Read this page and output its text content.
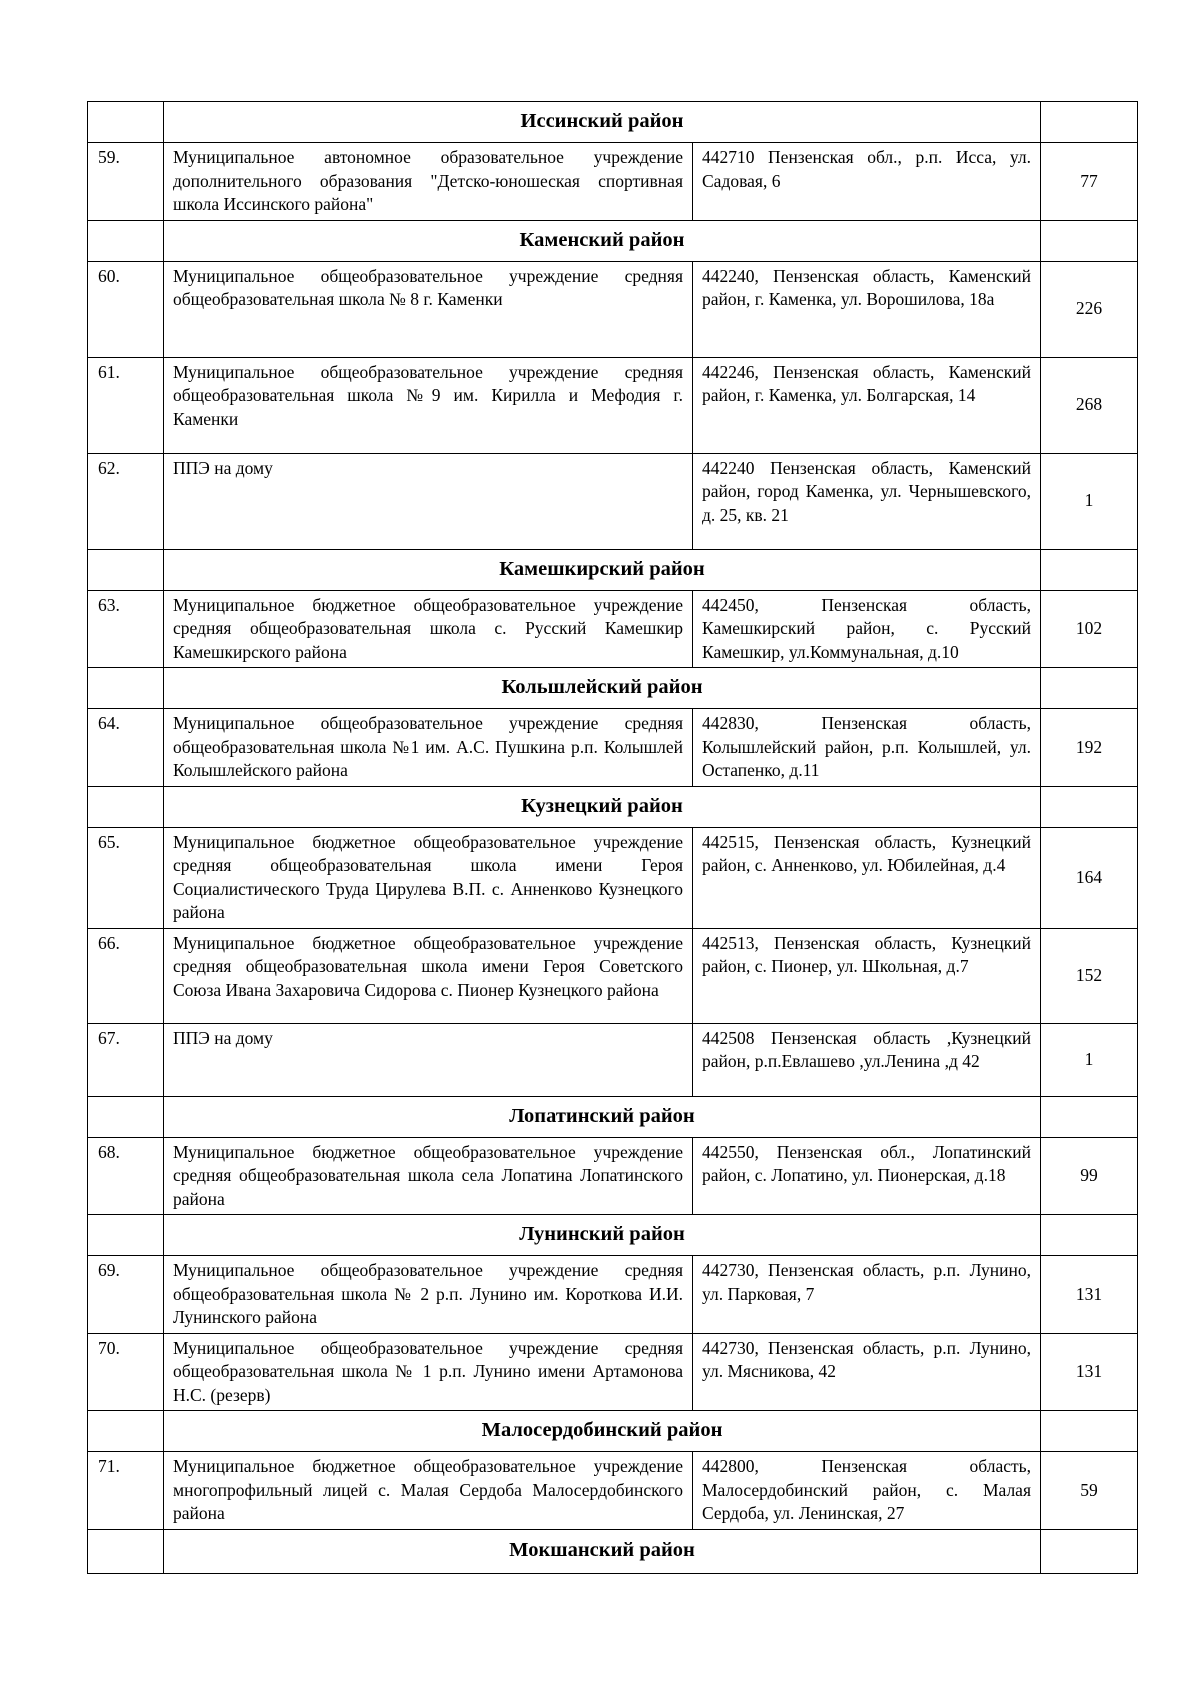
	Иссинский район		
59.	Муниципальное автономное образовательное учреждение дополнительного образования "Детско-юношеская спортивная школа Иссинского района"	442710 Пензенская обл., р.п. Исса, ул. Садовая, 6	77
	Каменский район		
60.	Муниципальное общеобразовательное учреждение средняя общеобразовательная школа № 8 г. Каменки	442240, Пензенская область, Каменский район, г. Каменка, ул. Ворошилова, 18а	226
61.	Муниципальное общеобразовательное учреждение средняя общеобразовательная школа №9 им. Кирилла и Мефодия г. Каменки	442246, Пензенская область, Каменский район, г. Каменка, ул. Болгарская, 14	268
62.	ППЭ на дому	442240 Пензенская область, Каменский район, город Каменка, ул. Чернышевского, д. 25, кв. 21	1
	Камешкирский район		
63.	Муниципальное бюджетное общеобразовательное учреждение средняя общеобразовательная школа с. Русский Камешкир Камешкирского района	442450, Пензенская область, Камешкирский район, с. Русский Камешкир, ул.Коммунальная, д.10	102
	Кольшлейский район		
64.	Муниципальное общеобразовательное учреждение средняя общеобразовательная школа №1 им. А.С. Пушкина р.п. Колышлей Колышлейского района	442830, Пензенская область, Колышлейский район, р.п. Колышлей, ул. Остапенко, д.11	192
	Кузнецкий район		
65.	Муниципальное бюджетное общеобразовательное учреждение средняя общеобразовательная школа имени Героя Социалистического Труда Цирулева В.П. с. Анненково Кузнецкого района	442515, Пензенская область, Кузнецкий район, с. Анненково, ул. Юбилейная, д.4	164
66.	Муниципальное бюджетное общеобразовательное учреждение средняя общеобразовательная школа имени Героя Советского Союза Ивана Захаровича Сидорова с. Пионер Кузнецкого района	442513, Пензенская область, Кузнецкий район, с. Пионер, ул. Школьная, д.7	152
67.	ППЭ на дому	442508 Пензенская область ,Кузнецкий район, р.п.Евлашево ,ул.Ленина ,д 42	1
	Лопатинский район		
68.	Муниципальное бюджетное общеобразовательное учреждение средняя общеобразовательная школа села Лопатина Лопатинского района	442550, Пензенская обл., Лопатинский район, с. Лопатино, ул. Пионерская, д.18	99
	Лунинский район		
69.	Муниципальное общеобразовательное учреждение средняя общеобразовательная школа № 2 р.п. Лунино им. Короткова И.И. Лунинского района	442730, Пензенская область, р.п. Лунино, ул. Парковая, 7	131
70.	Муниципальное общеобразовательное учреждение средняя общеобразовательная школа № 1 р.п. Лунино имени Артамонова Н.С. (резерв)	442730, Пензенская область, р.п. Лунино, ул. Мясникова, 42	131
	Малосердобинский район		
71.	Муниципальное бюджетное общеобразовательное учреждение многопрофильный лицей с. Малая Сердоба Малосердобинского района	442800, Пензенская область, Малосердобинский район, с. Малая Сердоба, ул. Ленинская, 27	59
	Мокшанский район		
